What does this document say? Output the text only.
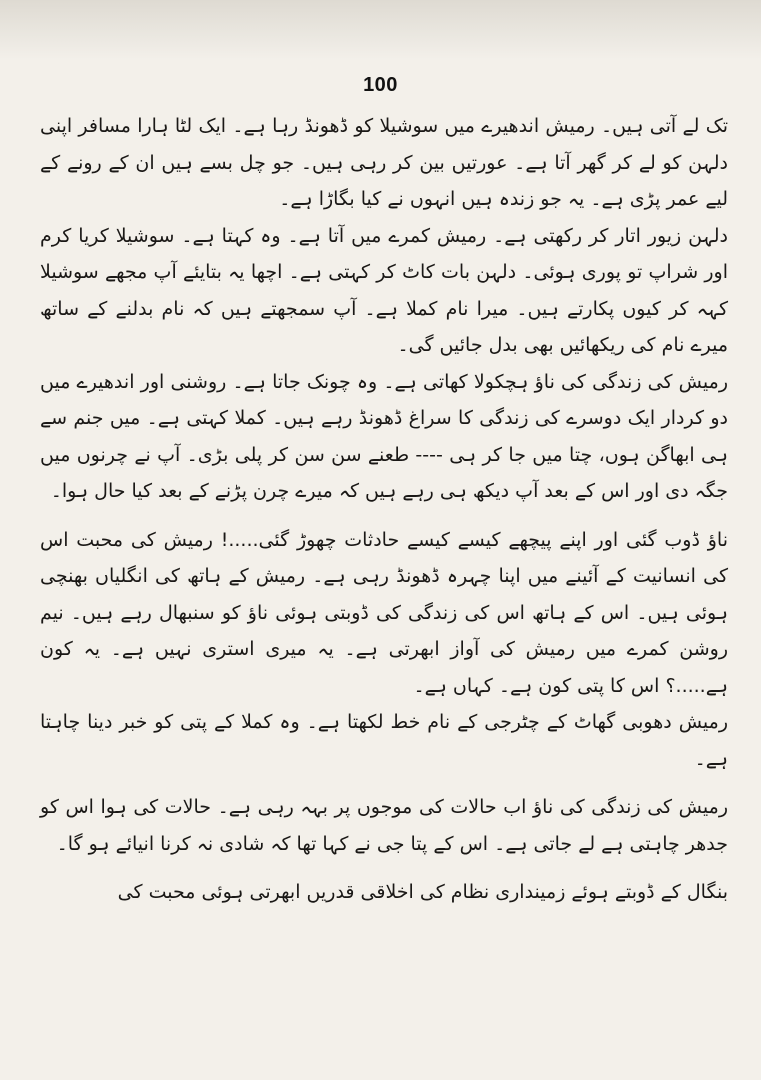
100

تک لے آتی ہیں۔ رمیش اندھیرے میں سوشیلا کو ڈھونڈ رہا ہے۔ ایک لٹا ہارا مسافر اپنی دلہن کو لے کر گھر آتا ہے۔ عورتیں بین کر رہی ہیں۔ جو چل بسے ہیں ان کے رونے کے لیے عمر پڑی ہے۔ یہ جو زندہ ہیں انہوں نے کیا بگاڑا ہے۔

دلہن زیور اتار کر رکھتی ہے۔ رمیش کمرے میں آتا ہے۔ وہ کہتا ہے۔ سوشیلا کریا کرم اور شراپ تو پوری ہوئی۔ دلہن بات کاٹ کر کہتی ہے۔ اچھا یہ بتایئے آپ مجھے سوشیلا کہہ کر کیوں پکارتے ہیں۔ میرا نام کملا ہے۔ آپ سمجھتے ہیں کہ نام بدلنے کے ساتھ میرے نام کی ریکھائیں بھی بدل جائیں گی۔

رمیش کی زندگی کی ناؤ ہچکولا کھاتی ہے۔ وہ چونک جاتا ہے۔ روشنی اور اندھیرے میں دو کردار ایک دوسرے کی زندگی کا سراغ ڈھونڈ رہے ہیں۔ کملا کہتی ہے۔ میں جنم سے ہی ابھاگن ہوں، چتا میں جا کر ہی ---- طعنے سن سن کر پلی بڑی۔ آپ نے چرنوں میں جگہ دی اور اس کے بعد آپ دیکھ ہی رہے ہیں کہ میرے چرن پڑنے کے بعد کیا حال ہوا۔

ناؤ ڈوب گئی اور اپنے پیچھے کیسے کیسے حادثات چھوڑ گئی.....! رمیش کی محبت اس کی انسانیت کے آئینے میں اپنا چہرہ ڈھونڈ رہی ہے۔ رمیش کے ہاتھ کی انگلیاں بھنچی ہوئی ہیں۔ اس کے ہاتھ اس کی زندگی کی ڈوبتی ہوئی ناؤ کو سنبھال رہے ہیں۔ نیم روشن کمرے میں رمیش کی آواز ابھرتی ہے۔ یہ میری استری نہیں ہے۔ یہ کون ہے.....؟ اس کا پتی کون ہے۔ کہاں ہے۔

رمیش دھوبی گھاٹ کے چٹرجی کے نام خط لکھتا ہے۔ وہ کملا کے پتی کو خبر دینا چاہتا ہے۔

رمیش کی زندگی کی ناؤ اب حالات کی موجوں پر بہہ رہی ہے۔ حالات کی ہوا اس کو جدھر چاہتی ہے لے جاتی ہے۔ اس کے پتا جی نے کہا تھا کہ شادی نہ کرنا انیائے ہو گا۔

بنگال کے ڈوبتے ہوئے زمینداری نظام کی اخلاقی قدریں ابھرتی ہوئی محبت کی
